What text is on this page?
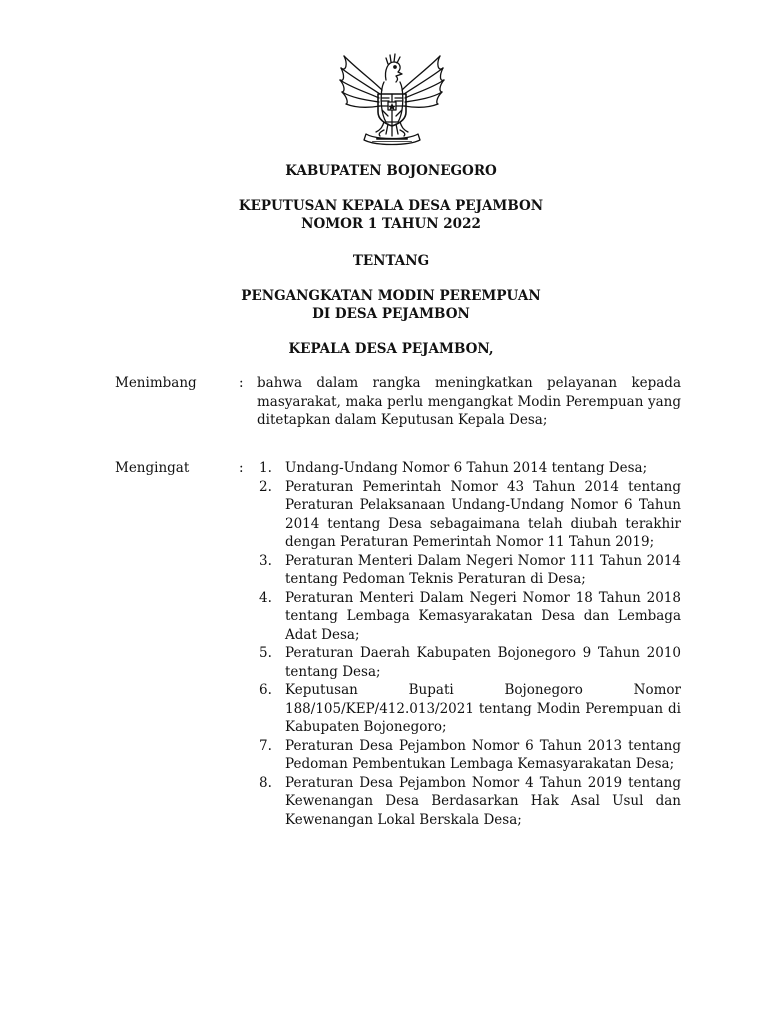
KABUPATEN BOJONEGORO
KEPUTUSAN KEPALA DESA PEJAMBON
NOMOR 1 TAHUN 2022
TENTANG
PENGANGKATAN MODIN PEREMPUAN
DI DESA PEJAMBON
KEPALA DESA PEJAMBON,
Menimbang	: bahwa dalam rangka meningkatkan pelayanan kepada masyarakat, maka perlu mengangkat Modin Perempuan yang ditetapkan dalam Keputusan Kepala Desa;
Mengingat	: 1. Undang-Undang Nomor 6 Tahun 2014 tentang Desa;
2. Peraturan Pemerintah Nomor 43 Tahun 2014 tentang Peraturan Pelaksanaan Undang-Undang Nomor 6 Tahun 2014 tentang Desa sebagaimana telah diubah terakhir dengan Peraturan Pemerintah Nomor 11 Tahun 2019;
3. Peraturan Menteri Dalam Negeri Nomor 111 Tahun 2014 tentang Pedoman Teknis Peraturan di Desa;
4. Peraturan Menteri Dalam Negeri Nomor 18 Tahun 2018 tentang Lembaga Kemasyarakatan Desa dan Lembaga Adat Desa;
5. Peraturan Daerah Kabupaten Bojonegoro 9 Tahun 2010 tentang Desa;
6. Keputusan Bupati Bojonegoro Nomor 188/105/KEP/412.013/2021 tentang Modin Perempuan di Kabupaten Bojonegoro;
7. Peraturan Desa Pejambon Nomor 6 Tahun 2013 tentang Pedoman Pembentukan Lembaga Kemasyarakatan Desa;
8. Peraturan Desa Pejambon Nomor 4 Tahun 2019 tentang Kewenangan Desa Berdasarkan Hak Asal Usul dan Kewenangan Lokal Berskala Desa;
